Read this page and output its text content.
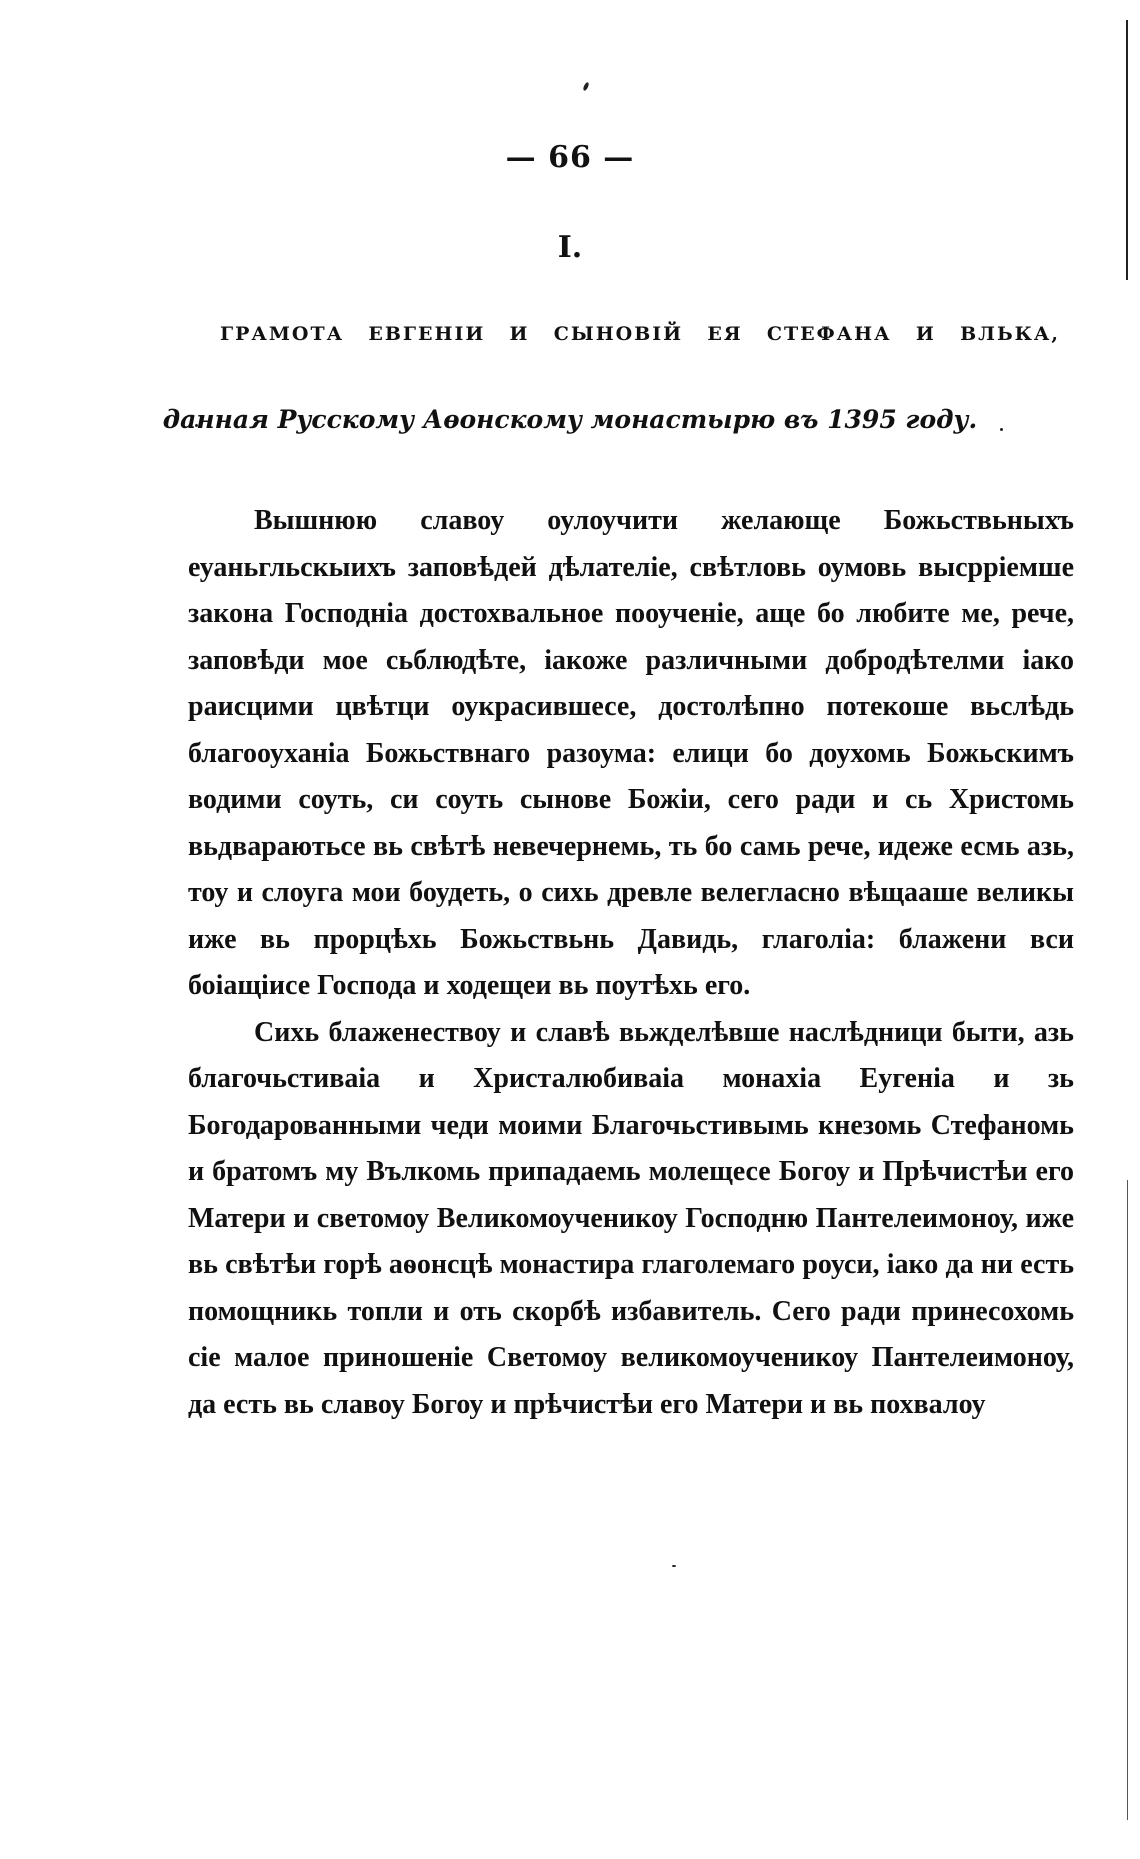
— 66 —
I.
ГРАМОТА ЕВГЕНІИ И СЫНОВІЙ ЕЯ СТЕФАНА И ВЛЬКА,
данная Русскому Аѳонскому монастырю въ 1395 году.

Вышнюю славоу оулоучити желающе Божьствьныхъ еуаньгльскыихъ заповѣдей дѣлателіе, свѣтловь оумовь высрріемше закона Господніа достохвальное пооученіе, аще бо любите ме, рече, заповѣди мое сьблюдѣте, іакоже различными добродѣтелми іако раисцими цвѣтци оукрасившесе, достолѣпно потекоше вьслѣдь благооуханіа Божьствнаго разоума: елици бо доухомь Божьскимъ водими соуть, си соуть сынове Божіи, сего ради и сь Христомь вьдвараютьсе вь свѣтѣ невечернемь, ть бо самь рече, идеже есмь азь, тоу и слоуга мои боудеть, о сихь древле велегласно вѣщааше великы иже вь прорцѣхь Божьствьнь Давидь, глаголіа: блажени вси боіащіисе Господа и ходещеи вь поутѣхь его.

Сихь блаженествоу и славѣ вьжделѣвше наслѣдници быти, азь благочьстиваіа и Христалюбиваіа монахіа Еугеніа и зь Богодарованными чеди моими Благочьстивымь кнезомь Стефаномь и братомъ му Вълкомь припадаемь молещесе Богоу и Прѣчистѣи его Матери и светомоу Великомоученикоу Господню Пантелеимоноу, иже вь свѣтѣи горѣ аѳонсцѣ монастира глаголемаго роуси, іако да ни есть помощникь топли и оть скорбѣ избавитель. Сего ради принесохомь сіе малое приношеніе Светомоу великомоученикоу Пантелеимоноу, да есть вь славоу Богоу и прѣчистѣи его Матери и вь похвалоу
